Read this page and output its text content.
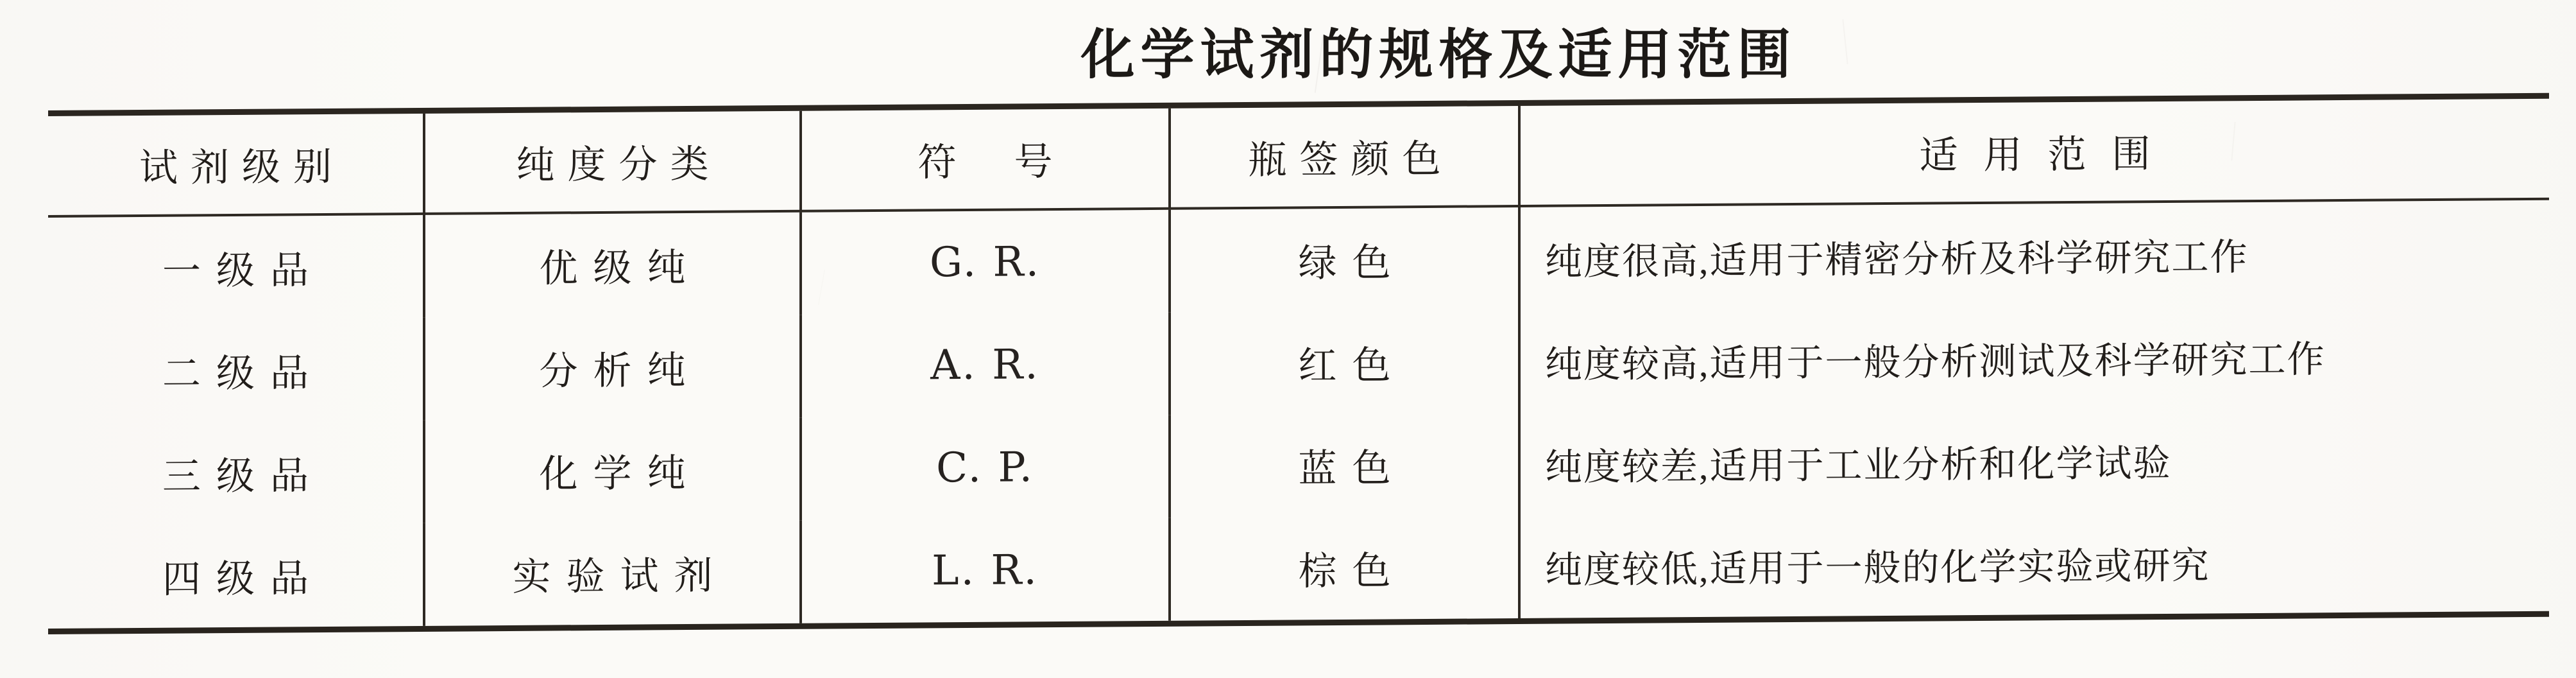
化学试剂的规格及适用范围
试剂级别	纯度分类	符号	瓶签颜色	适用范围
一级品	优级纯	G. R.	绿色	纯度很高,适用于精密分析及科学研究工作
二级品	分析纯	A. R.	红色	纯度较高,适用于一般分析测试及科学研究工作
三级品	化学纯	C. P.	蓝色	纯度较差,适用于工业分析和化学试验
四级品	实验试剂	L. R.	棕色	纯度较低,适用于一般的化学实验或研究
